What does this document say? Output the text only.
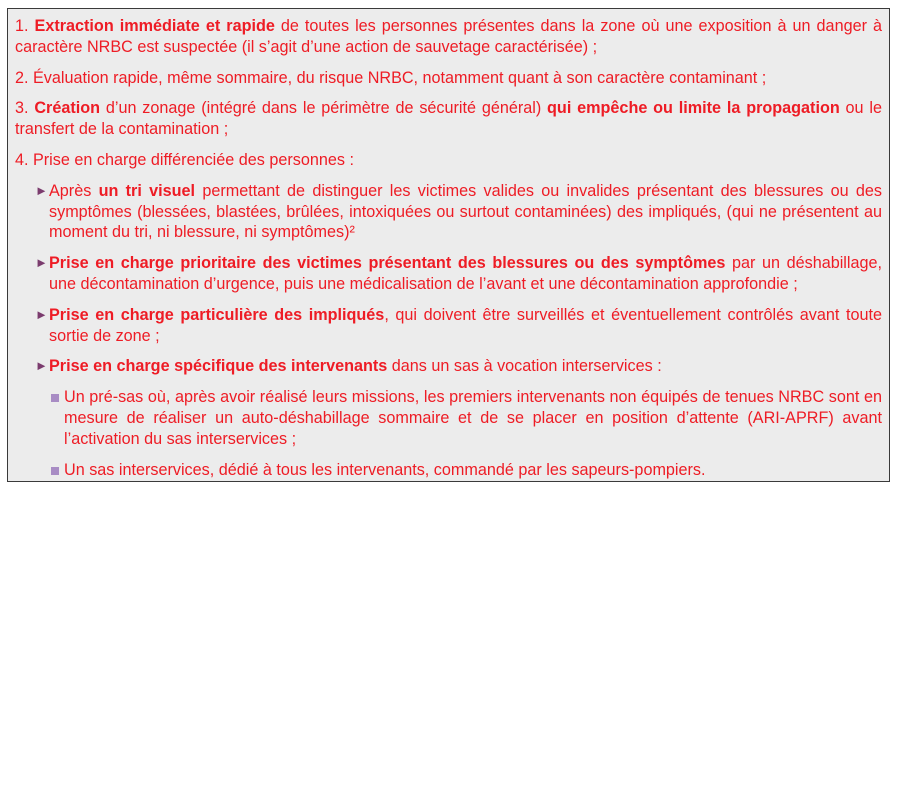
1. Extraction immédiate et rapide de toutes les personnes présentes dans la zone où une exposition à un danger à caractère NRBC est suspectée (il s’agit d’une action de sauvetage caractérisée) ;

2. Évaluation rapide, même sommaire, du risque NRBC, notamment quant à son caractère contaminant ;

3. Création d’un zonage (intégré dans le périmètre de sécurité général) qui empêche ou limite la propagation ou le transfert de la contamination ;

4. Prise en charge différenciée des personnes :

► Après un tri visuel permettant de distinguer les victimes valides ou invalides présentant des blessures ou des symptômes (blessées, blastées, brûlées, intoxiquées ou surtout contaminées) des impliqués, (qui ne présentent au moment du tri, ni blessure, ni symptômes)²
► Prise en charge prioritaire des victimes présentant des blessures ou des symptômes par un déshabillage, une décontamination d’urgence, puis une médicalisation de l’avant et une décontamination approfondie ;
► Prise en charge particulière des impliqués, qui doivent être surveillés et éventuellement contrôlés avant toute sortie de zone ;
► Prise en charge spécifique des intervenants dans un sas à vocation interservices :
Un pré-sas où, après avoir réalisé leurs missions, les premiers intervenants non équipés de tenues NRBC sont en mesure de réaliser un auto-déshabillage sommaire et de se placer en position d’attente (ARI-APRF) avant l’activation du sas interservices ;
Un sas interservices, dédié à tous les intervenants, commandé par les sapeurs-pompiers.
